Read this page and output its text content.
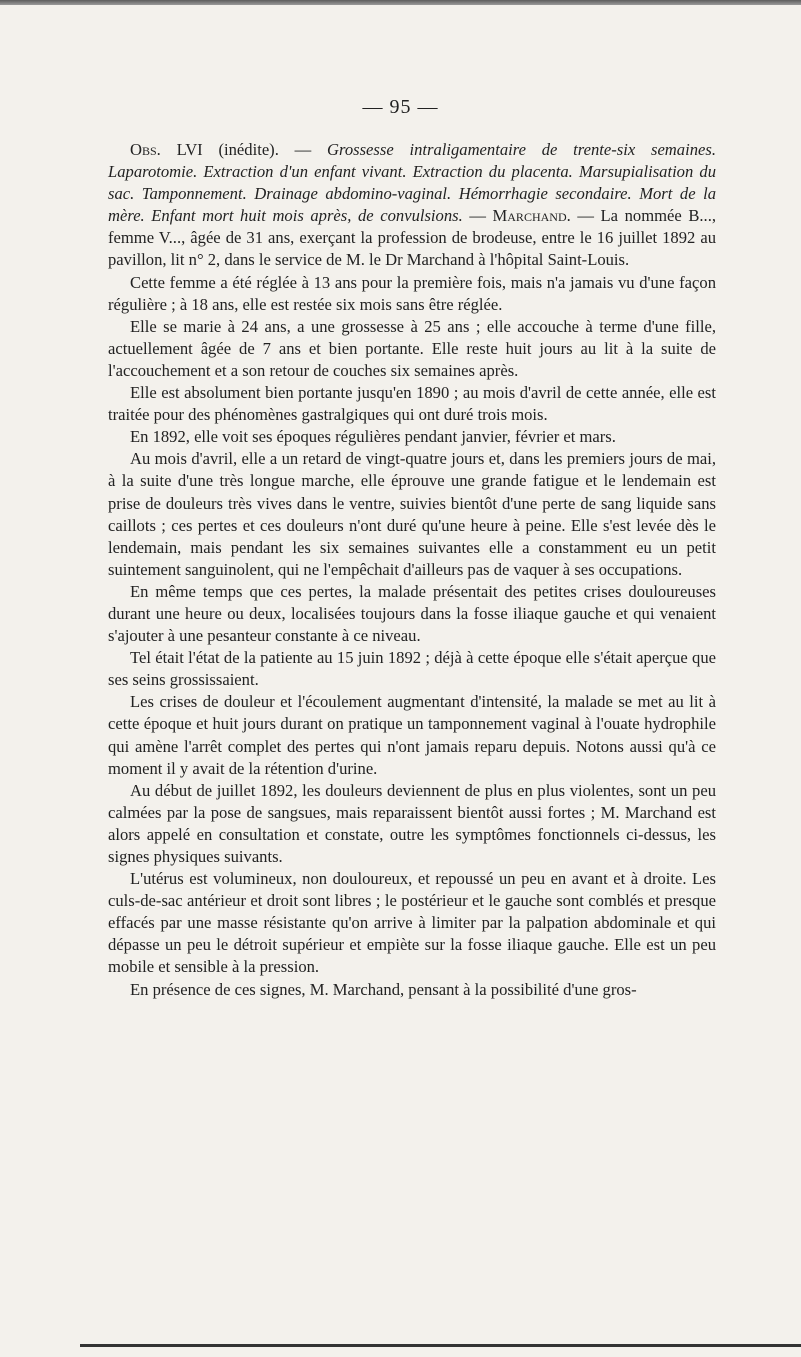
— 95 —

Obs. LVI (inédite). — Grossesse intraligamentaire de trente-six semaines. Laparotomie. Extraction d'un enfant vivant. Extraction du placenta. Marsupialisation du sac. Tamponnement. Drainage abdomino-vaginal. Hémorrhagie secondaire. Mort de la mère. Enfant mort huit mois après, de convulsions. — Marchand. — La nommée B..., femme V..., âgée de 31 ans, exerçant la profession de brodeuse, entre le 16 juillet 1892 au pavillon, lit n° 2, dans le service de M. le Dr Marchand à l'hôpital Saint-Louis.

Cette femme a été réglée à 13 ans pour la première fois, mais n'a jamais vu d'une façon régulière ; à 18 ans, elle est restée six mois sans être réglée.

Elle se marie à 24 ans, a une grossesse à 25 ans ; elle accouche à terme d'une fille, actuellement âgée de 7 ans et bien portante. Elle reste huit jours au lit à la suite de l'accouchement et a son retour de couches six semaines après.

Elle est absolument bien portante jusqu'en 1890 ; au mois d'avril de cette année, elle est traitée pour des phénomènes gastralgiques qui ont duré trois mois.

En 1892, elle voit ses époques régulières pendant janvier, février et mars.

Au mois d'avril, elle a un retard de vingt-quatre jours et, dans les premiers jours de mai, à la suite d'une très longue marche, elle éprouve une grande fatigue et le lendemain est prise de douleurs très vives dans le ventre, suivies bientôt d'une perte de sang liquide sans caillots ; ces pertes et ces douleurs n'ont duré qu'une heure à peine. Elle s'est levée dès le lendemain, mais pendant les six semaines suivantes elle a constamment eu un petit suintement sanguinolent, qui ne l'empêchait d'ailleurs pas de vaquer à ses occupations.

En même temps que ces pertes, la malade présentait des petites crises douloureuses durant une heure ou deux, localisées toujours dans la fosse iliaque gauche et qui venaient s'ajouter à une pesanteur constante à ce niveau.

Tel était l'état de la patiente au 15 juin 1892 ; déjà à cette époque elle s'était aperçue que ses seins grossissaient.

Les crises de douleur et l'écoulement augmentant d'intensité, la malade se met au lit à cette époque et huit jours durant on pratique un tamponnement vaginal à l'ouate hydrophile qui amène l'arrêt complet des pertes qui n'ont jamais reparu depuis. Notons aussi qu'à ce moment il y avait de la rétention d'urine.

Au début de juillet 1892, les douleurs deviennent de plus en plus violentes, sont un peu calmées par la pose de sangsues, mais reparaissent bientôt aussi fortes ; M. Marchand est alors appelé en consultation et constate, outre les symptômes fonctionnels ci-dessus, les signes physiques suivants.

L'utérus est volumineux, non douloureux, et repoussé un peu en avant et à droite. Les culs-de-sac antérieur et droit sont libres ; le postérieur et le gauche sont comblés et presque effacés par une masse résistante qu'on arrive à limiter par la palpation abdominale et qui dépasse un peu le détroit supérieur et empiète sur la fosse iliaque gauche. Elle est un peu mobile et sensible à la pression.

En présence de ces signes, M. Marchand, pensant à la possibilité d'une gros-
